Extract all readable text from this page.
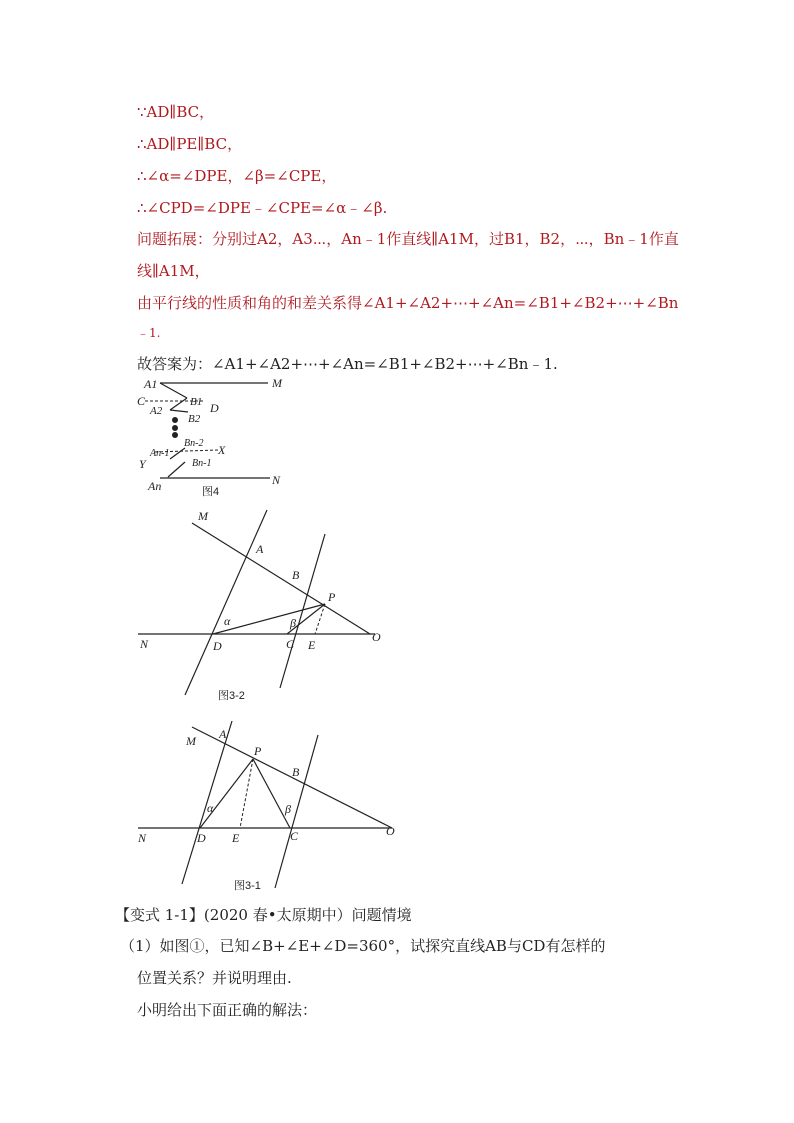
∵AD∥BC，
∴AD∥PE∥BC，
∴∠α=∠DPE，∠β=∠CPE，
∴∠CPD=∠DPE﹣∠CPE=∠α﹣∠β.
问题拓展：分别过A2，A3⋯，An﹣1作直线∥A1M，过B1，B2，⋯，Bn﹣1作直
线∥A1M，
由平行线的性质和角的和差关系得∠A1+∠A2+⋯+∠An=∠B1+∠B2+⋯+∠Bn
﹣1.
故答案为：∠A1+∠A2+⋯+∠An=∠B1+∠B2+⋯+∠Bn﹣1.
A1	M
C	B1 D
A2
B2
Bn-2 X
An-1
Y	Bn-1
An	N
图4
M
A
B
P
N
α	β
D	C E
O
图3-2
M A
P
B
α	β
N	D E	C	O
图3-1
【变式 1-1】(2020 春•太原期中）问题情境
（1）如图①，已知∠B+∠E+∠D=360°，试探究直线AB与CD有怎样的
位置关系？并说明理由.
小明给出下面正确的解法：
